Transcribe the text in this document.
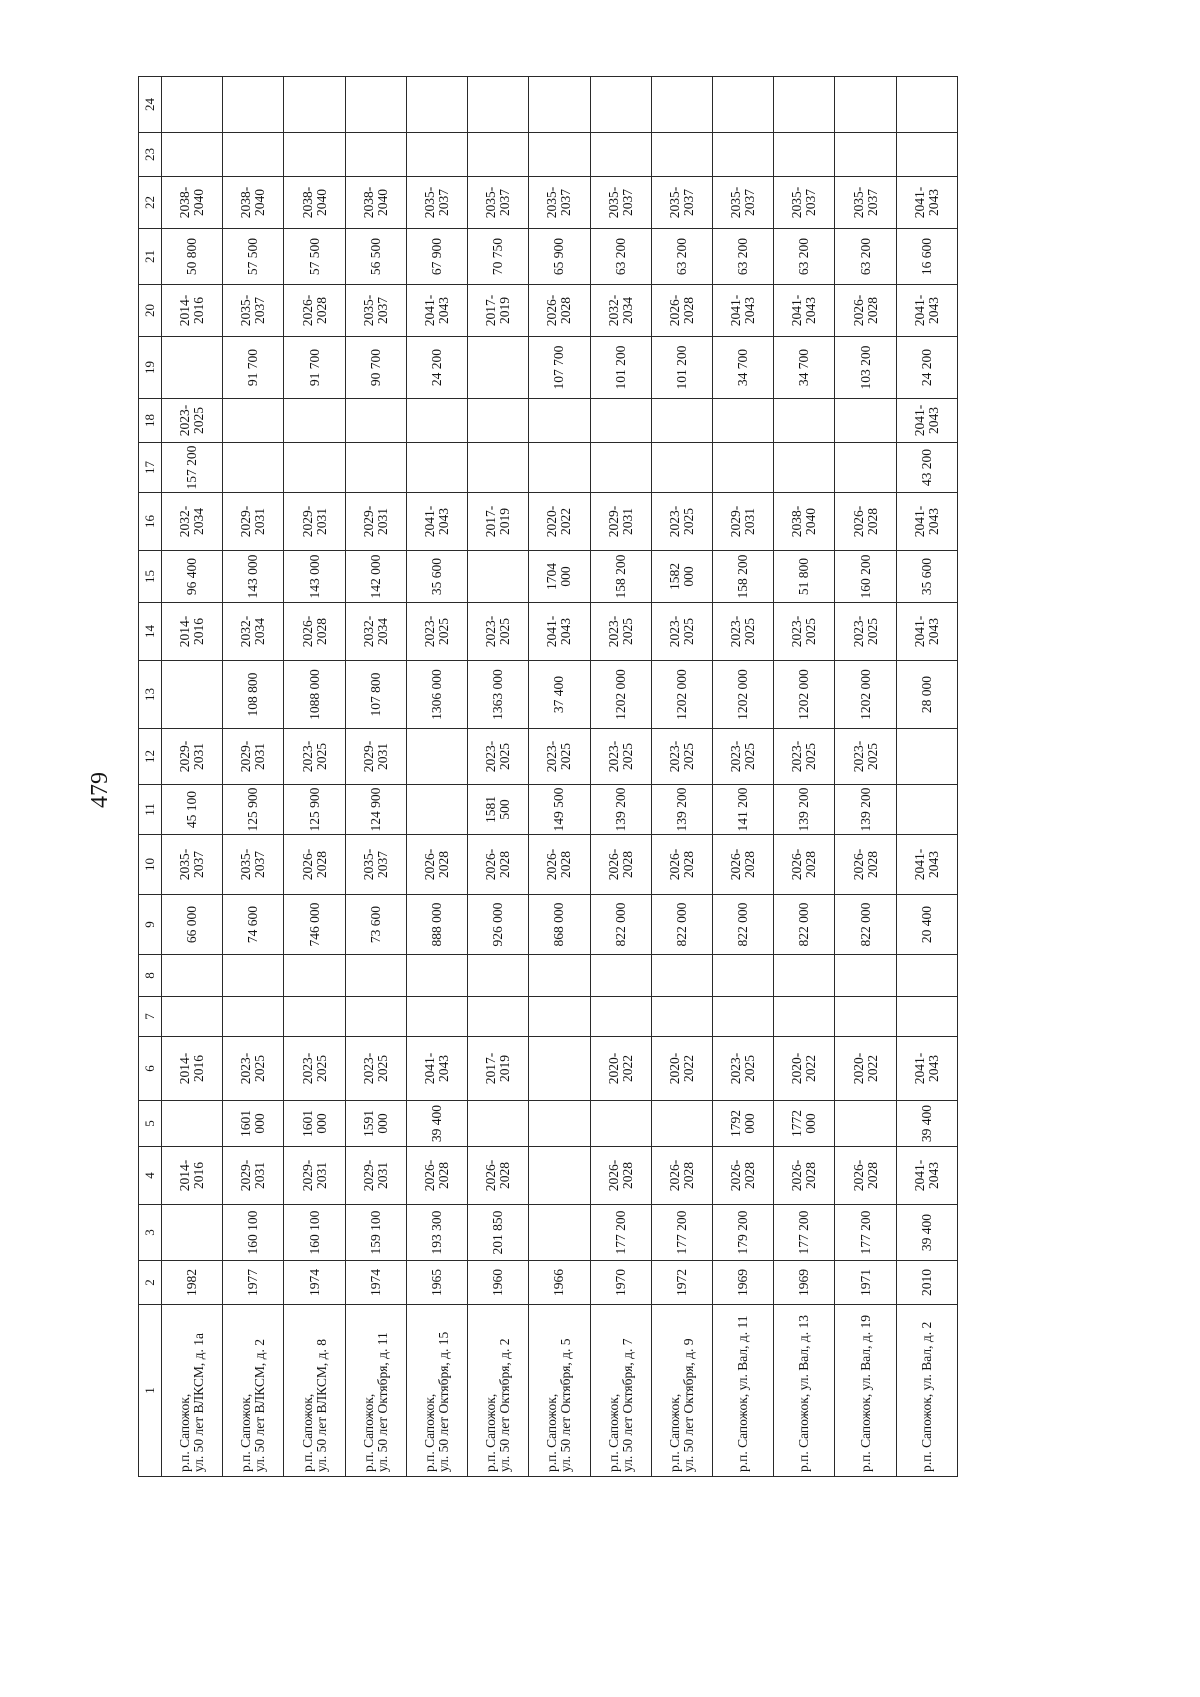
479
1	2	3	4	5	6	7	8	9	10	11	12	13	14	15	16	17	18	19	20	21	22	23	24
р.п. Сапожок,
ул. 50 лет ВЛКСМ, д. 1а	1982		2014-
2016		2014-
2016			66 000	2035-
2037	45 100	2029-
2031		2014-
2016	96 400	2032-
2034	157 200	2023-
2025		2014-
2016	50 800	2038-
2040		
р.п. Сапожок,
ул. 50 лет ВЛКСМ, д. 2	1977	160 100	2029-
2031	1601
000	2023-
2025			74 600	2035-
2037	125 900	2029-
2031	108 800	2032-
2034	143 000	2029-
2031			91 700	2035-
2037	57 500	2038-
2040		
р.п. Сапожок,
ул. 50 лет ВЛКСМ, д. 8	1974	160 100	2029-
2031	1601
000	2023-
2025			746 000	2026-
2028	125 900	2023-
2025	1088 000	2026-
2028	143 000	2029-
2031			91 700	2026-
2028	57 500	2038-
2040		
р.п. Сапожок,
ул. 50 лет Октября, д. 11	1974	159 100	2029-
2031	1591
000	2023-
2025			73 600	2035-
2037	124 900	2029-
2031	107 800	2032-
2034	142 000	2029-
2031			90 700	2035-
2037	56 500	2038-
2040		
р.п. Сапожок,
ул. 50 лет Октября, д. 15	1965	193 300	2026-
2028	39 400	2041-
2043			888 000	2026-
2028			1306 000	2023-
2025	35 600	2041-
2043			24 200	2041-
2043	67 900	2035-
2037		
р.п. Сапожок,
ул. 50 лет Октября, д. 2	1960	201 850	2026-
2028		2017-
2019			926 000	2026-
2028	1581
500	2023-
2025	1363 000	2023-
2025		2017-
2019				2017-
2019	70 750	2035-
2037		
р.п. Сапожок,
ул. 50 лет Октября, д. 5	1966							868 000	2026-
2028	149 500	2023-
2025	37 400	2041-
2043	1704
000	2020-
2022			107 700	2026-
2028	65 900	2035-
2037		
р.п. Сапожок,
ул. 50 лет Октября, д. 7	1970	177 200	2026-
2028		2020-
2022			822 000	2026-
2028	139 200	2023-
2025	1202 000	2023-
2025	158 200	2029-
2031			101 200	2032-
2034	63 200	2035-
2037		
р.п. Сапожок,
ул. 50 лет Октября, д. 9	1972	177 200	2026-
2028		2020-
2022			822 000	2026-
2028	139 200	2023-
2025	1202 000	2023-
2025	1582
000	2023-
2025			101 200	2026-
2028	63 200	2035-
2037		
р.п. Сапожок, ул. Вал, д. 11	1969	179 200	2026-
2028	1792
000	2023-
2025			822 000	2026-
2028	141 200	2023-
2025	1202 000	2023-
2025	158 200	2029-
2031			34 700	2041-
2043	63 200	2035-
2037		
р.п. Сапожок, ул. Вал, д. 13	1969	177 200	2026-
2028	1772
000	2020-
2022			822 000	2026-
2028	139 200	2023-
2025	1202 000	2023-
2025	51 800	2038-
2040			34 700	2041-
2043	63 200	2035-
2037		
р.п. Сапожок, ул. Вал, д. 19	1971	177 200	2026-
2028		2020-
2022			822 000	2026-
2028	139 200	2023-
2025	1202 000	2023-
2025	160 200	2026-
2028			103 200	2026-
2028	63 200	2035-
2037		
р.п. Сапожок, ул. Вал, д. 2	2010	39 400	2041-
2043	39 400	2041-
2043			20 400	2041-
2043			28 000	2041-
2043	35 600	2041-
2043	43 200	2041-
2043	24 200	2041-
2043	16 600	2041-
2043		
